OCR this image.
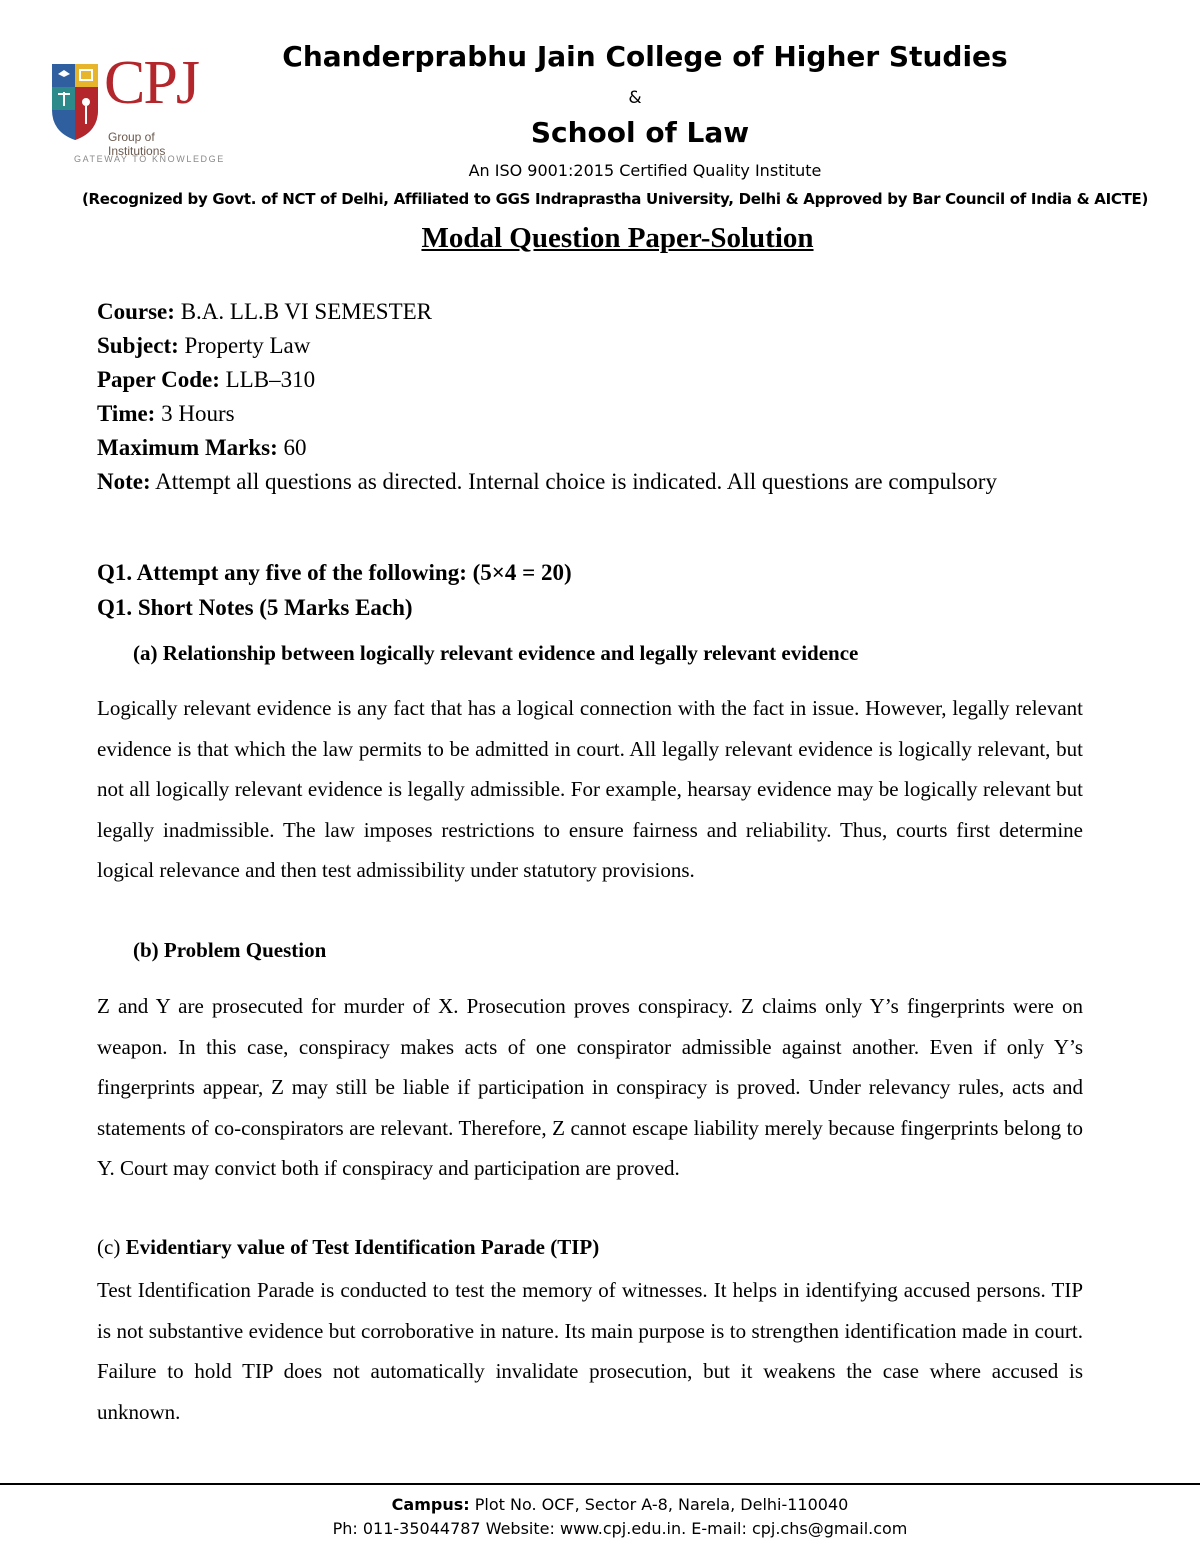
CPJ
Group of Institutions
GATEWAY TO KNOWLEDGE
Chanderprabhu Jain College of Higher Studies
&
School of Law
An ISO 9001:2015 Certified Quality Institute
(Recognized by Govt. of NCT of Delhi, Affiliated to GGS Indraprastha University, Delhi & Approved by Bar Council of India & AICTE)
Modal Question Paper-Solution
Course: B.A. LL.B VI SEMESTER
Subject: Property Law
Paper Code: LLB–310
Time: 3 Hours
Maximum Marks: 60
Note: Attempt all questions as directed. Internal choice is indicated. All questions are compulsory
Q1. Attempt any five of the following: (5×4 = 20)
Q1. Short Notes (5 Marks Each)
(a) Relationship between logically relevant evidence and legally relevant evidence
Logically relevant evidence is any fact that has a logical connection with the fact in issue. However, legally relevant evidence is that which the law permits to be admitted in court. All legally relevant evidence is logically relevant, but not all logically relevant evidence is legally admissible. For example, hearsay evidence may be logically relevant but legally inadmissible. The law imposes restrictions to ensure fairness and reliability. Thus, courts first determine logical relevance and then test admissibility under statutory provisions.
(b) Problem Question
Z and Y are prosecuted for murder of X. Prosecution proves conspiracy. Z claims only Y’s fingerprints were on weapon. In this case, conspiracy makes acts of one conspirator admissible against another. Even if only Y’s fingerprints appear, Z may still be liable if participation in conspiracy is proved. Under relevancy rules, acts and statements of co-conspirators are relevant. Therefore, Z cannot escape liability merely because fingerprints belong to Y. Court may convict both if conspiracy and participation are proved.
(c) Evidentiary value of Test Identification Parade (TIP)
Test Identification Parade is conducted to test the memory of witnesses. It helps in identifying accused persons. TIP is not substantive evidence but corroborative in nature. Its main purpose is to strengthen identification made in court. Failure to hold TIP does not automatically invalidate prosecution, but it weakens the case where accused is unknown.
Campus: Plot No. OCF, Sector A-8, Narela, Delhi-110040
Ph: 011-35044787 Website: www.cpj.edu.in. E-mail: cpj.chs@gmail.com
